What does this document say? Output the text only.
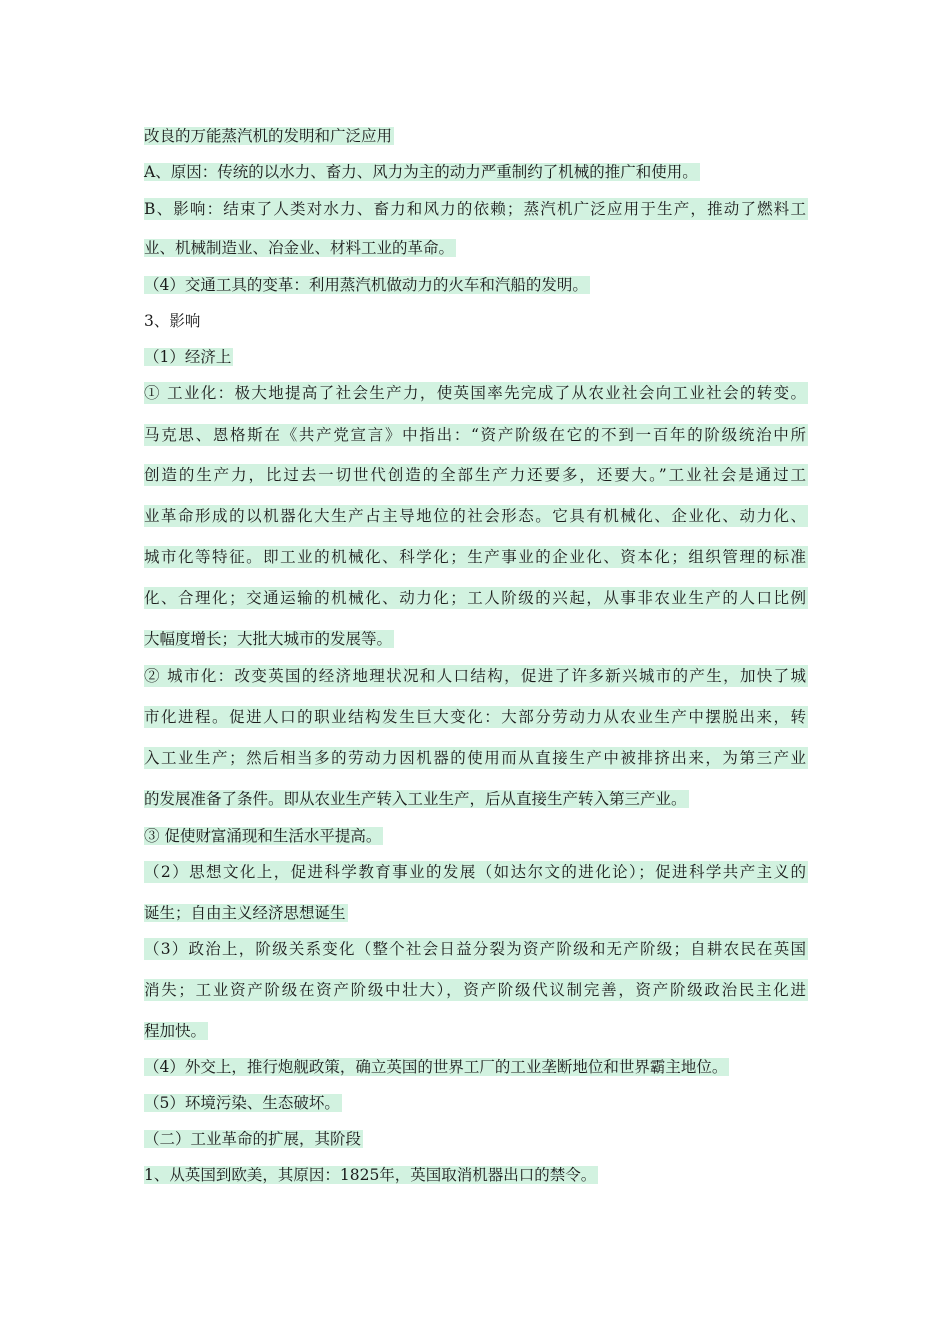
改良的万能蒸汽机的发明和广泛应用
A、原因：传统的以水力、畜力、风力为主的动力严重制约了机械的推广和使用。
B、影响：结束了人类对水力、畜力和风力的依赖；蒸汽机广泛应用于生产，推动了燃料工
业、机械制造业、冶金业、材料工业的革命。
（4）交通工具的变革：利用蒸汽机做动力的火车和汽船的发明。
3、影响
（1）经济上
① 工业化：极大地提高了社会生产力，使英国率先完成了从农业社会向工业社会的转变。
马克思、恩格斯在《共产党宣言》中指出：“资产阶级在它的不到一百年的阶级统治中所
创造的生产力，比过去一切世代创造的全部生产力还要多，还要大。”工业社会是通过工
业革命形成的以机器化大生产占主导地位的社会形态。它具有机械化、企业化、动力化、
城市化等特征。即工业的机械化、科学化；生产事业的企业化、资本化；组织管理的标准
化、合理化；交通运输的机械化、动力化；工人阶级的兴起，从事非农业生产的人口比例
大幅度增长；大批大城市的发展等。
② 城市化：改变英国的经济地理状况和人口结构，促进了许多新兴城市的产生，加快了城
市化进程。促进人口的职业结构发生巨大变化：大部分劳动力从农业生产中摆脱出来，转
入工业生产；然后相当多的劳动力因机器的使用而从直接生产中被排挤出来，为第三产业
的发展准备了条件。即从农业生产转入工业生产，后从直接生产转入第三产业。
③ 促使财富涌现和生活水平提高。
（2）思想文化上，促进科学教育事业的发展（如达尔文的进化论）；促进科学共产主义的
诞生；自由主义经济思想诞生
（3）政治上，阶级关系变化（整个社会日益分裂为资产阶级和无产阶级；自耕农民在英国
消失；工业资产阶级在资产阶级中壮大），资产阶级代议制完善，资产阶级政治民主化进
程加快。
（4）外交上，推行炮舰政策，确立英国的世界工厂的工业垄断地位和世界霸主地位。
（5）环境污染、生态破坏。
（二）工业革命的扩展，其阶段
1、从英国到欧美，其原因：1825年，英国取消机器出口的禁令。
